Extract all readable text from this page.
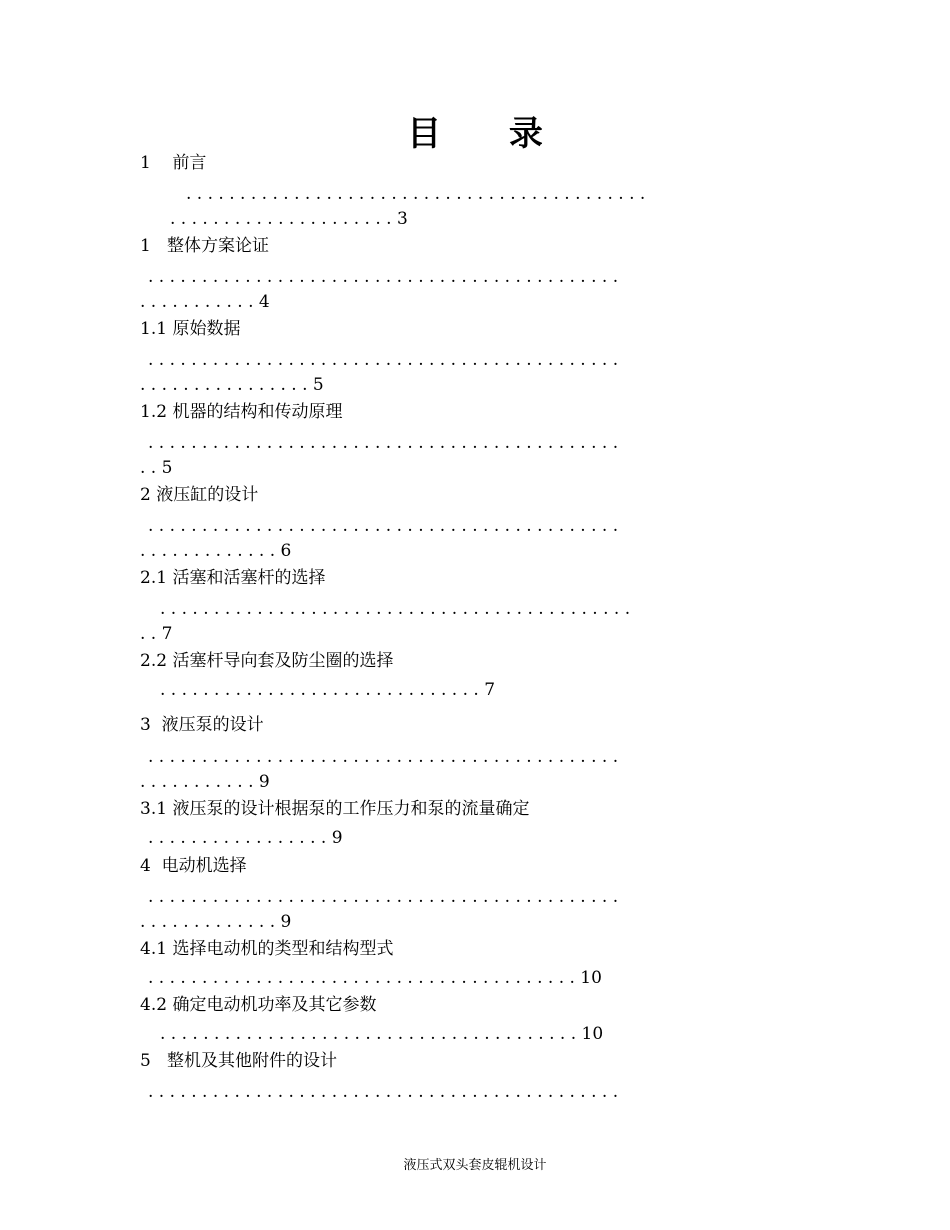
目 录
1    前言
. . . . . . . . . . . . . . . . . . . . . . . . . . . . . . . . . . . . . . . . . . .
. . . . . . . . . . . . . . . . . . . . . 3
1   整体方案论证
. . . . . . . . . . . . . . . . . . . . . . . . . . . . . . . . . . . . . . . . . . . .
. . . . . . . . . . . 4
1.1 原始数据
. . . . . . . . . . . . . . . . . . . . . . . . . . . . . . . . . . . . . . . . . . . .
. . . . . . . . . . . . . . . . 5
1.2 机器的结构和传动原理
. . . . . . . . . . . . . . . . . . . . . . . . . . . . . . . . . . . . . . . . . . . .
. . 5
2 液压缸的设计
. . . . . . . . . . . . . . . . . . . . . . . . . . . . . . . . . . . . . . . . . . . .
. . . . . . . . . . . . . 6
2.1 活塞和活塞杆的选择
. . . . . . . . . . . . . . . . . . . . . . . . . . . . . . . . . . . . . . . . . . . .
. . 7
2.2 活塞杆导向套及防尘圈的选择
. . . . . . . . . . . . . . . . . . . . . . . . . . . . . . 7
3  液压泵的设计
. . . . . . . . . . . . . . . . . . . . . . . . . . . . . . . . . . . . . . . . . . . .
. . . . . . . . . . . 9
3.1 液压泵的设计根据泵的工作压力和泵的流量确定
. . . . . . . . . . . . . . . . . 9
4  电动机选择
. . . . . . . . . . . . . . . . . . . . . . . . . . . . . . . . . . . . . . . . . . . .
. . . . . . . . . . . . . 9
4.1 选择电动机的类型和结构型式
. . . . . . . . . . . . . . . . . . . . . . . . . . . . . . . . . . . . . . . . 10
4.2 确定电动机功率及其它参数
. . . . . . . . . . . . . . . . . . . . . . . . . . . . . . . . . . . . . . . 10
5   整机及其他附件的设计
. . . . . . . . . . . . . . . . . . . . . . . . . . . . . . . . . . . . . . . . . . . .
液压式双头套皮辊机设计
